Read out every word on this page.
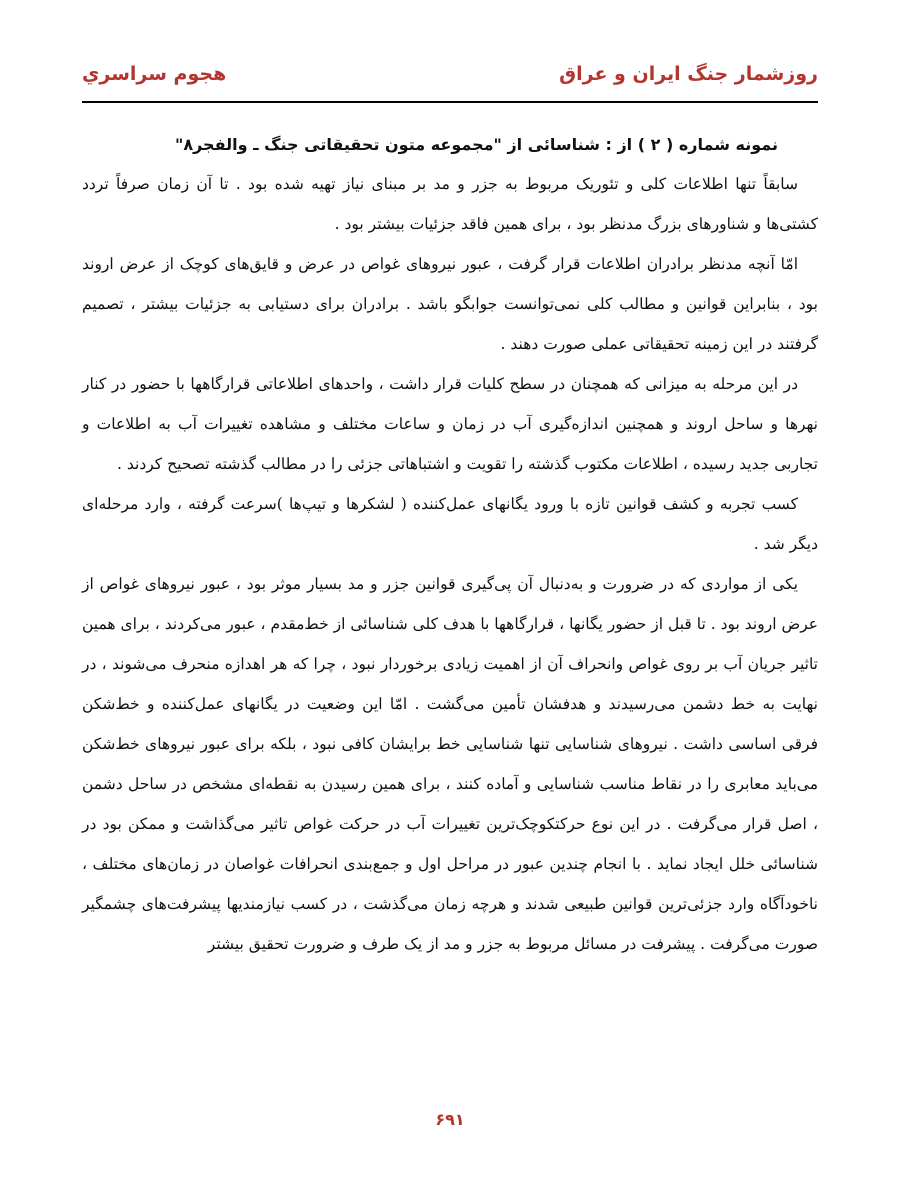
هجوم سراسري	روزشمار جنگ ایران و عراق
نمونه شماره ( ۲ ) از : شناسائی از "مجموعه متون تحقیقاتی جنگ ـ والفجر۸"

سابقاً تنها اطلاعات کلی و تئوریک مربوط به جزر و مد بر مبنای نیاز تهیه شده بود . تا آن زمان صرفاً تردد کشتی‌ها و شناورهای بزرگ مدنظر بود ، برای همین فاقد جزئیات بیشتر بود .

امّا آنچه مدنظر برادران اطلاعات قرار گرفت ، عبور نیروهای غواص در عرض و قایق‌های کوچک از عرض اروند بود ، بنابراین قوانین و مطالب کلی نمی‌توانست جوابگو باشد . برادران برای دستیابی به جزئیات بیشتر ، تصمیم گرفتند در این زمینه تحقیقاتی عملی صورت دهند .

در این مرحله به میزانی که همچنان در سطح کلیات قرار داشت ، واحدهای اطلاعاتی قرارگاهها با حضور در کنار نهرها و ساحل اروند و همچنین اندازه‌گیری آب در زمان و ساعات مختلف و مشاهده تغییرات آب به اطلاعات و تجاربی جدید رسیده ، اطلاعات مکتوب گذشته را تقویت و اشتباهاتی جزئی را در مطالب گذشته تصحیح کردند .

کسب تجربه و کشف قوانین تازه با ورود یگانهای عمل‌کننده ( لشکرها و تیپ‌ها )سرعت گرفته ، وارد مرحله‌ای دیگر شد .

یکی از مواردی که در ضرورت و به‌دنبال آن پی‌گیری قوانین جزر و مد بسیار موثر بود ، عبور نیروهای غواص از عرض اروند بود . تا قبل از حضور یگانها ، قرارگاهها با هدف کلی شناسائی از خط‌مقدم ، عبور می‌کردند ، برای همین تاثیر جریان آب بر روی غواص وانحراف آن از اهمیت زیادی برخوردار نبود ، چرا که هر اهدازه منحرف می‌شوند ، در نهایت به خط دشمن می‌رسیدند و هدفشان تأمین می‌گشت . امّا این وضعیت در یگانهای عمل‌کننده و خط‌شکن فرقی اساسی داشت . نیروهای شناسایی تنها شناسایی خط برایشان کافی نبود ، بلکه برای عبور نیروهای خط‌شکن می‌باید معابری را در نقاط مناسب شناسایی و آماده کنند ، برای همین رسیدن به نقطه‌ای مشخص در ساحل دشمن ، اصل قرار می‌گرفت . در این نوع حرکتکوچک‌ترین تغییرات آب در حرکت غواص تاثیر می‌گذاشت و ممکن بود در شناسائی خلل ایجاد نماید . با انجام چندین عبور در مراحل اول و جمع‌بندی انحرافات غواصان در زمان‌های مختلف ، ناخودآگاه وارد جزئی‌ترین قوانین طبیعی شدند و هرچه زمان می‌گذشت ، در کسب نیازمندیها پیشرفت‌های چشمگیر صورت می‌گرفت . پیشرفت در مسائل مربوط به جزر و مد از یک طرف و ضرورت تحقیق بیشتر

۶۹۱
